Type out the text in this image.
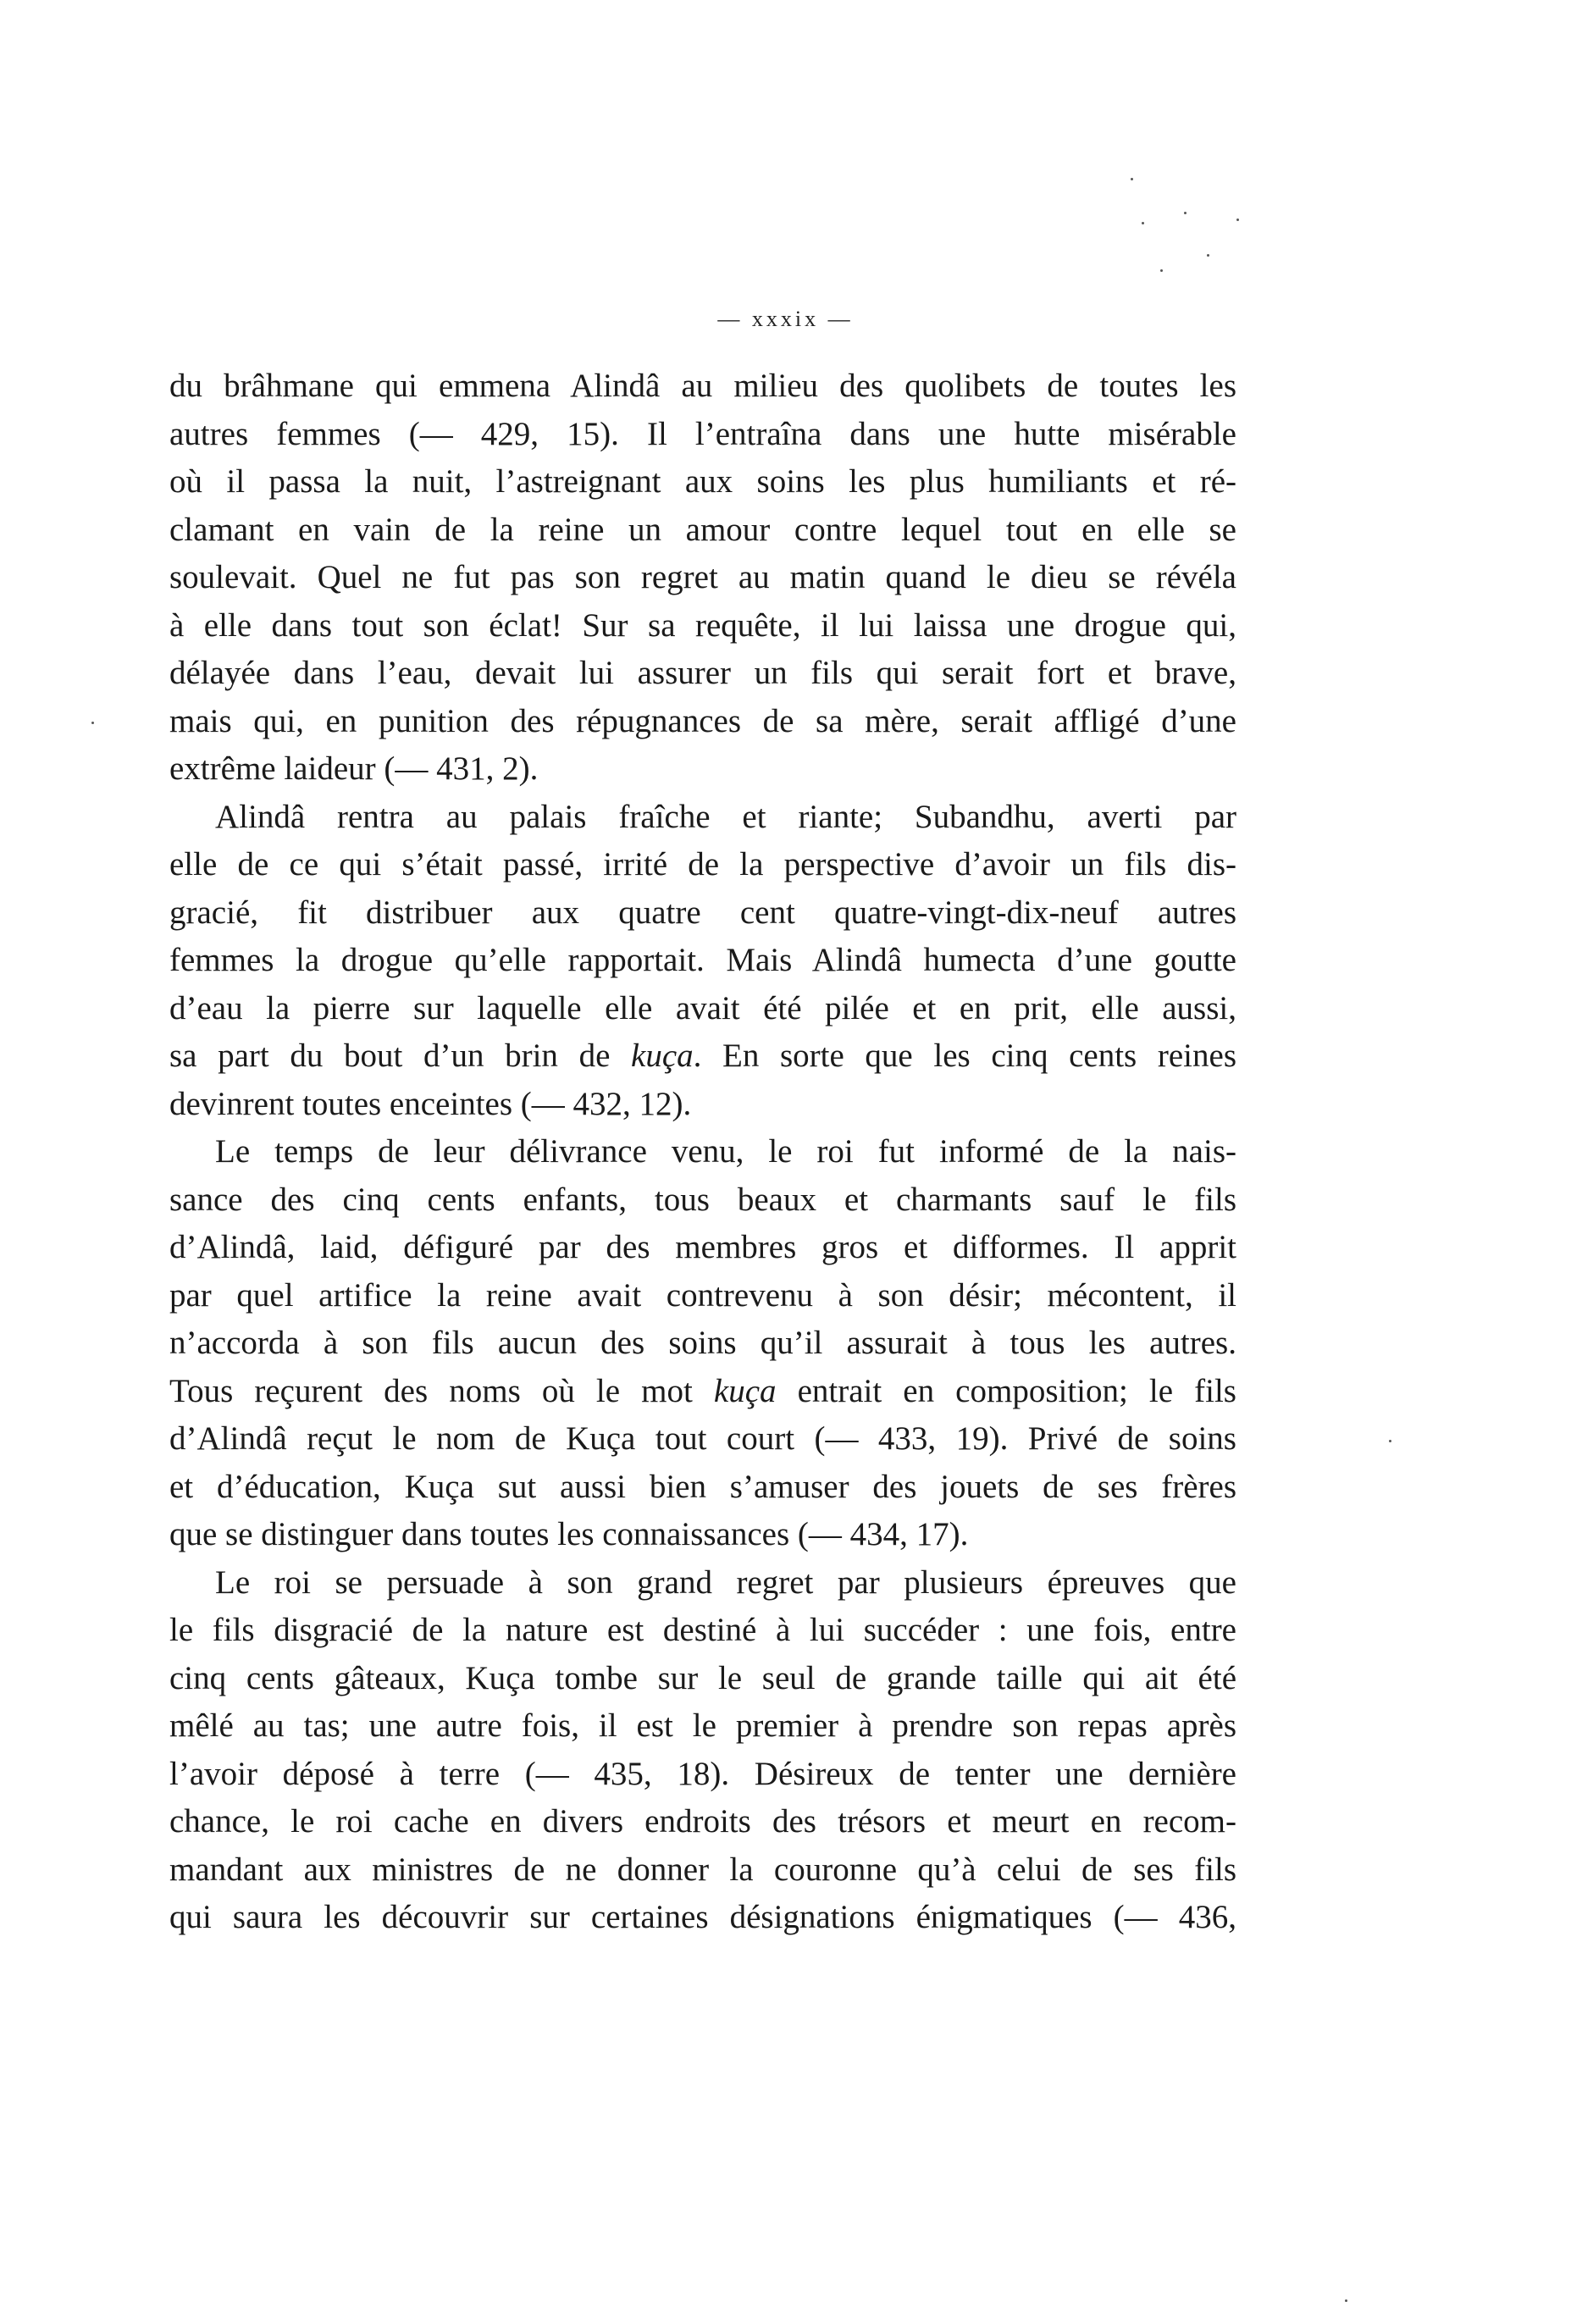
— xxxix —

du brâhmane qui emmena Alindâ au milieu des quolibets de toutes les
autres femmes (— 429, 15). Il l’entraîna dans une hutte misérable
où il passa la nuit, l’astreignant aux soins les plus humiliants et ré-
clamant en vain de la reine un amour contre lequel tout en elle se
soulevait. Quel ne fut pas son regret au matin quand le dieu se révéla
à elle dans tout son éclat! Sur sa requête, il lui laissa une drogue qui,
délayée dans l’eau, devait lui assurer un fils qui serait fort et brave,
mais qui, en punition des répugnances de sa mère, serait affligé d’une
extrême laideur (— 431, 2).

Alindâ rentra au palais fraîche et riante; Subandhu, averti par
elle de ce qui s’était passé, irrité de la perspective d’avoir un fils dis-
gracié, fit distribuer aux quatre cent quatre-vingt-dix-neuf autres
femmes la drogue qu’elle rapportait. Mais Alindâ humecta d’une goutte
d’eau la pierre sur laquelle elle avait été pilée et en prit, elle aussi,
sa part du bout d’un brin de kuça. En sorte que les cinq cents reines
devinrent toutes enceintes (— 432, 12).

Le temps de leur délivrance venu, le roi fut informé de la nais-
sance des cinq cents enfants, tous beaux et charmants sauf le fils
d’Alindâ, laid, défiguré par des membres gros et difformes. Il apprit
par quel artifice la reine avait contrevenu à son désir; mécontent, il
n’accorda à son fils aucun des soins qu’il assurait à tous les autres.
Tous reçurent des noms où le mot kuça entrait en composition; le fils
d’Alindâ reçut le nom de Kuça tout court (— 433, 19). Privé de soins
et d’éducation, Kuça sut aussi bien s’amuser des jouets de ses frères
que se distinguer dans toutes les connaissances (— 434, 17).

Le roi se persuade à son grand regret par plusieurs épreuves que
le fils disgracié de la nature est destiné à lui succéder : une fois, entre
cinq cents gâteaux, Kuça tombe sur le seul de grande taille qui ait été
mêlé au tas; une autre fois, il est le premier à prendre son repas après
l’avoir déposé à terre (— 435, 18). Désireux de tenter une dernière
chance, le roi cache en divers endroits des trésors et meurt en recom-
mandant aux ministres de ne donner la couronne qu’à celui de ses fils
qui saura les découvrir sur certaines désignations énigmatiques (— 436,
